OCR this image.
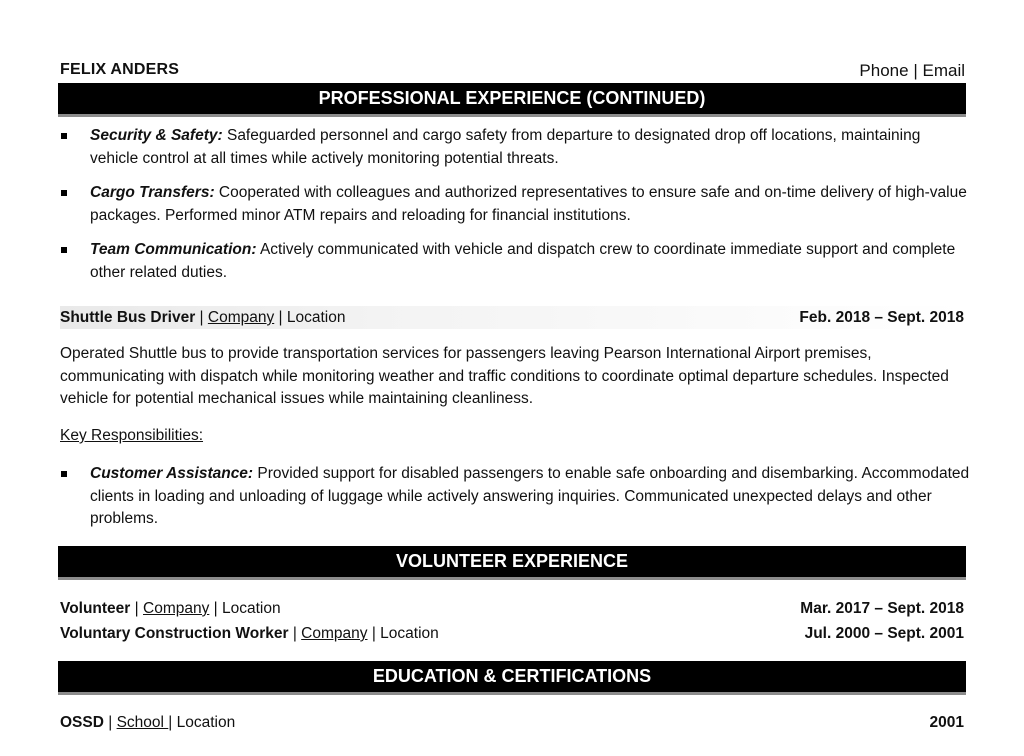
FELIX ANDERS	Phone | Email
PROFESSIONAL EXPERIENCE (CONTINUED)
Security & Safety: Safeguarded personnel and cargo safety from departure to designated drop off locations, maintaining vehicle control at all times while actively monitoring potential threats.
Cargo Transfers: Cooperated with colleagues and authorized representatives to ensure safe and on-time delivery of high-value packages. Performed minor ATM repairs and reloading for financial institutions.
Team Communication: Actively communicated with vehicle and dispatch crew to coordinate immediate support and complete other related duties.
Shuttle Bus Driver | Company | Location	Feb. 2018 – Sept. 2018
Operated Shuttle bus to provide transportation services for passengers leaving Pearson International Airport premises, communicating with dispatch while monitoring weather and traffic conditions to coordinate optimal departure schedules. Inspected vehicle for potential mechanical issues while maintaining cleanliness.
Key Responsibilities:
Customer Assistance: Provided support for disabled passengers to enable safe onboarding and disembarking. Accommodated clients in loading and unloading of luggage while actively answering inquiries. Communicated unexpected delays and other problems.
VOLUNTEER EXPERIENCE
Volunteer | Company | Location	Mar. 2017 – Sept. 2018
Voluntary Construction Worker | Company | Location	Jul. 2000 – Sept. 2001
EDUCATION & CERTIFICATIONS
OSSD | School | Location	2001
